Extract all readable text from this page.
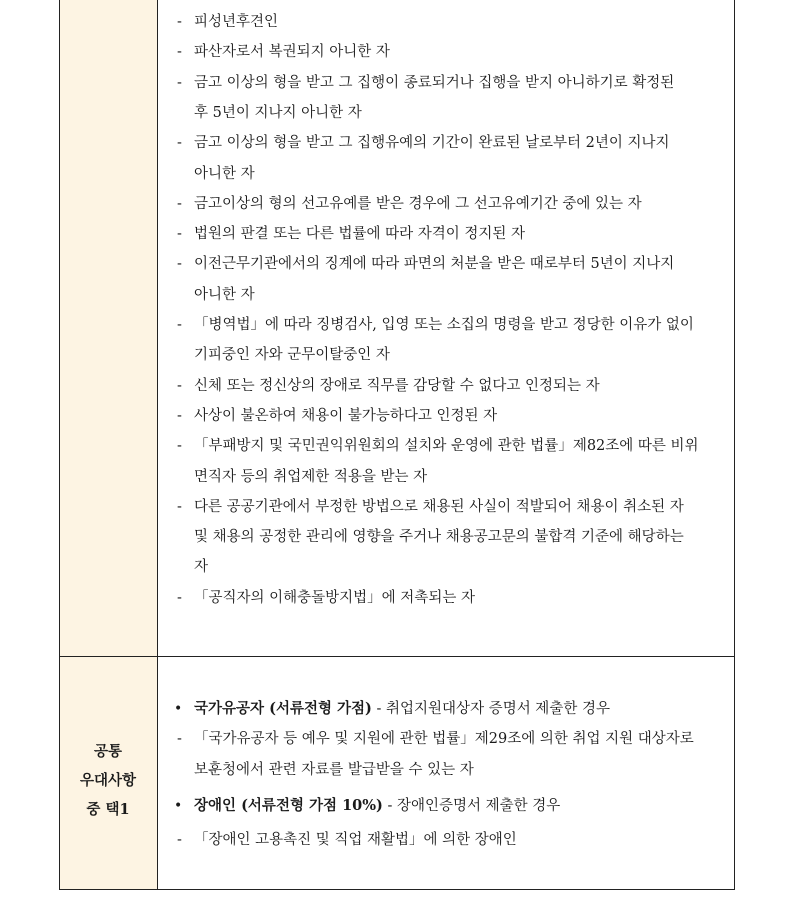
공통
우대사항
중 택1
- 피성년후견인
- 파산자로서 복권되지 아니한 자
- 금고 이상의 형을 받고 그 집행이 종료되거나 집행을 받지 아니하기로 확정된
후 5년이 지나지 아니한 자
- 금고 이상의 형을 받고 그 집행유예의 기간이 완료된 날로부터 2년이 지나지
아니한 자
- 금고이상의 형의 선고유예를 받은 경우에 그 선고유예기간 중에 있는 자
- 법원의 판결 또는 다른 법률에 따라 자격이 정지된 자
- 이전근무기관에서의 징계에 따라 파면의 처분을 받은 때로부터 5년이 지나지
아니한 자
- 「병역법」에 따라 징병검사, 입영 또는 소집의 명령을 받고 정당한 이유가 없이
기피중인 자와 군무이탈중인 자
- 신체 또는 정신상의 장애로 직무를 감당할 수 없다고 인정되는 자
- 사상이 불온하여 채용이 불가능하다고 인정된 자
- 「부패방지 및 국민권익위원회의 설치와 운영에 관한 법률」제82조에 따른 비위
면직자 등의 취업제한 적용을 받는 자
- 다른 공공기관에서 부정한 방법으로 채용된 사실이 적발되어 채용이 취소된 자
및 채용의 공정한 관리에 영향을 주거나 채용공고문의 불합격 기준에 해당하는
자
- 「공직자의 이해충돌방지법」에 저촉되는 자
• 국가유공자 (서류전형 가점) - 취업지원대상자 증명서 제출한 경우
- 「국가유공자 등 예우 및 지원에 관한 법률」제29조에 의한 취업 지원 대상자로
보훈청에서 관련 자료를 발급받을 수 있는 자
• 장애인 (서류전형 가점 10%) - 장애인증명서 제출한 경우
- 「장애인 고용촉진 및 직업 재활법」에 의한 장애인
